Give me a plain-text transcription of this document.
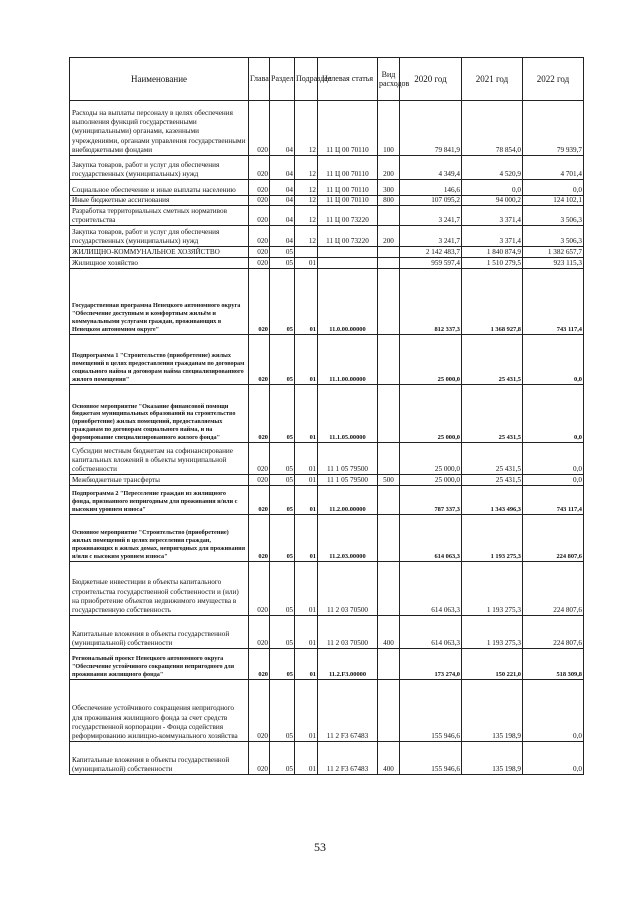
Наименование	Глава	Раздел	Подраздел	Целевая статья	Вид расходов	2020 год	2021 год	2022 год
Расходы на выплаты персоналу в целях обеспечения выполнения функций государственными (муниципальными) органами, казенными учреждениями, органами управления государственными внебюджетными фондами	020	04	12	11 Ц 00 70110	100	79 841,9	78 854,0	79 939,7
Закупка товаров, работ и услуг для обеспечения государственных (муниципальных) нужд	020	04	12	11 Ц 00 70110	200	4 349,4	4 520,9	4 701,4
Социальное обеспечение и иные выплаты населению	020	04	12	11 Ц 00 70110	300	146,6	0,0	0,0
Иные бюджетные ассигнования	020	04	12	11 Ц 00 70110	800	107 095,2	94 000,2	124 102,1
Разработка территориальных сметных нормативов строительства	020	04	12	11 Ц 00 73220		3 241,7	3 371,4	3 506,3
Закупка товаров, работ и услуг для обеспечения государственных (муниципальных) нужд	020	04	12	11 Ц 00 73220	200	3 241,7	3 371,4	3 506,3
ЖИЛИЩНО-КОММУНАЛЬНОЕ ХОЗЯЙСТВО	020	05				2 142 483,7	1 840 874,9	1 382 657,7
Жилищное хозяйство	020	05	01			959 597,4	1 510 279,5	923 115,3
Государственная программа Ненецкого автономного округа "Обеспечение доступным и комфортным жильём и коммунальными услугами граждан, проживающих в Ненецком автономном округе"	020	05	01	11.0.00.00000		812 337,3	1 368 927,8	743 117,4
Подпрограмма 1 "Строительство (приобретение) жилых помещений в целях предоставления гражданам по договорам социального найма и договорам найма специализированного жилого помещения"	020	05	01	11.1.00.00000		25 000,0	25 431,5	0,0
Основное мероприятие "Оказание финансовой помощи бюджетам муниципальных образований на строительство (приобретение) жилых помещений, предоставляемых гражданам по договорам социального найма, и на формирование специализированного жилого фонда"	020	05	01	11.1.05.00000		25 000,0	25 431,5	0,0
Субсидии местным бюджетам на софинансирование капитальных вложений в объекты муниципальной собственности	020	05	01	11 1 05 79500		25 000,0	25 431,5	0,0
Межбюджетные трансферты	020	05	01	11 1 05 79500	500	25 000,0	25 431,5	0,0
Подпрограмма 2 "Переселение граждан из жилищного фонда, признанного непригодным для проживания и/или с высоким уровнем износа"	020	05	01	11.2.00.00000		787 337,3	1 343 496,3	743 117,4
Основное мероприятие "Строительство (приобретение) жилых помещений в целях переселения граждан, проживающих в жилых домах, непригодных для проживания и/или с высоким уровнем износа"	020	05	01	11.2.03.00000		614 063,3	1 193 275,3	224 807,6
Бюджетные инвестиции в объекты капитального строительства государственной собственности и (или) на приобретение объектов недвижимого имущества в государственную собственность	020	05	01	11 2 03 70500		614 063,3	1 193 275,3	224 807,6
Капитальные вложения в объекты государственной (муниципальной) собственности	020	05	01	11 2 03 70500	400	614 063,3	1 193 275,3	224 807,6
Региональный проект Ненецкого автономного округа "Обеспечение устойчивого сокращения непригодного для проживания жилищного фонда"	020	05	01	11.2.F3.00000		173 274,0	150 221,0	518 309,8
Обеспечение устойчивого сокращения непригодного для проживания жилищного фонда за счет средств государственной корпорации - Фонда содействия реформированию жилищно-коммунального хозяйства	020	05	01	11 2 F3 67483		155 946,6	135 198,9	0,0
Капитальные вложения в объекты государственной (муниципальной) собственности	020	05	01	11 2 F3 67483	400	155 946,6	135 198,9	0,0
53
